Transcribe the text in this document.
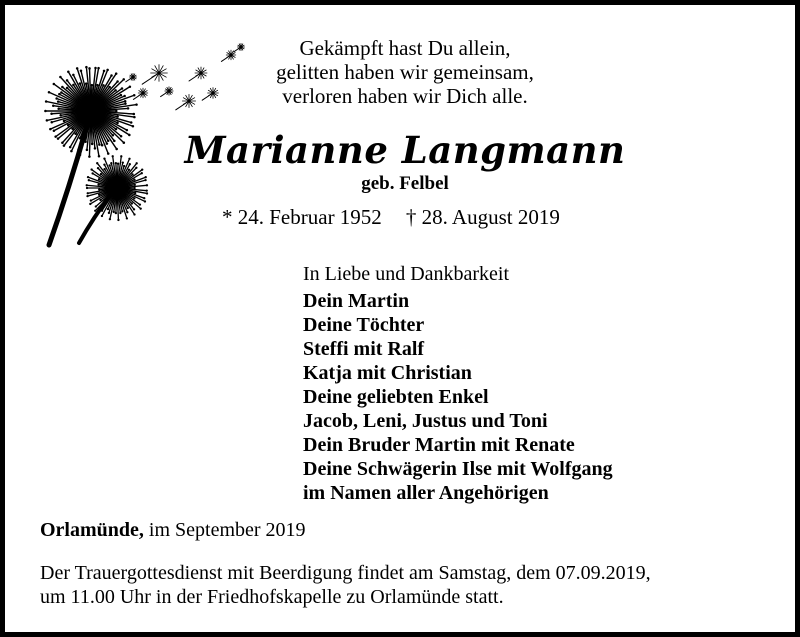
Gekämpft hast Du allein,
gelitten haben wir gemeinsam,
verloren haben wir Dich alle.
Marianne Langmann
geb. Felbel
* 24. Februar 1952 † 28. August 2019
In Liebe und Dankbarkeit
Dein Martin
Deine Töchter
Steffi mit Ralf
Katja mit Christian
Deine geliebten Enkel
Jacob, Leni, Justus und Toni
Dein Bruder Martin mit Renate
Deine Schwägerin Ilse mit Wolfgang
im Namen aller Angehörigen
Orlamünde, im September 2019
Der Trauergottesdienst mit Beerdigung findet am Samstag, dem 07.09.2019,
um 11.00 Uhr in der Friedhofskapelle zu Orlamünde statt.
